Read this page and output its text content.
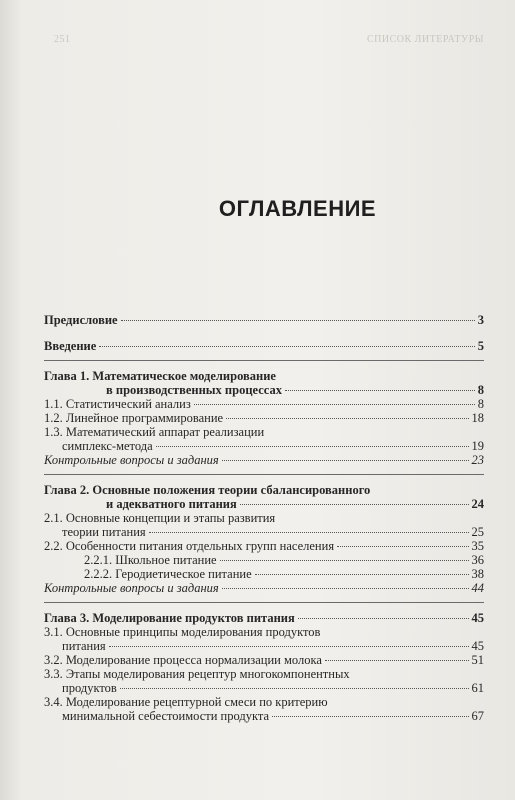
251	СПИСОК ЛИТЕРАТУРЫ
ОГЛАВЛЕНИЕ
Предисловие	3
Введение	5
Глава 1. Математическое моделирование
в производственных процессах	8
1.1. Статистический анализ	8
1.2. Линейное программирование	18
1.3. Математический аппарат реализации
симплекс-метода	19
Контрольные вопросы и задания	23
Глава 2. Основные положения теории сбалансированного
и адекватного питания	24
2.1. Основные концепции и этапы развития
теории питания	25
2.2. Особенности питания отдельных групп населения	35
2.2.1. Школьное питание	36
2.2.2. Геродиетическое питание	38
Контрольные вопросы и задания	44
Глава 3. Моделирование продуктов питания	45
3.1. Основные принципы моделирования продуктов
питания	45
3.2. Моделирование процесса нормализации молока	51
3.3. Этапы моделирования рецептур многокомпонентных
продуктов	61
3.4. Моделирование рецептурной смеси по критерию
минимальной себестоимости продукта	67
